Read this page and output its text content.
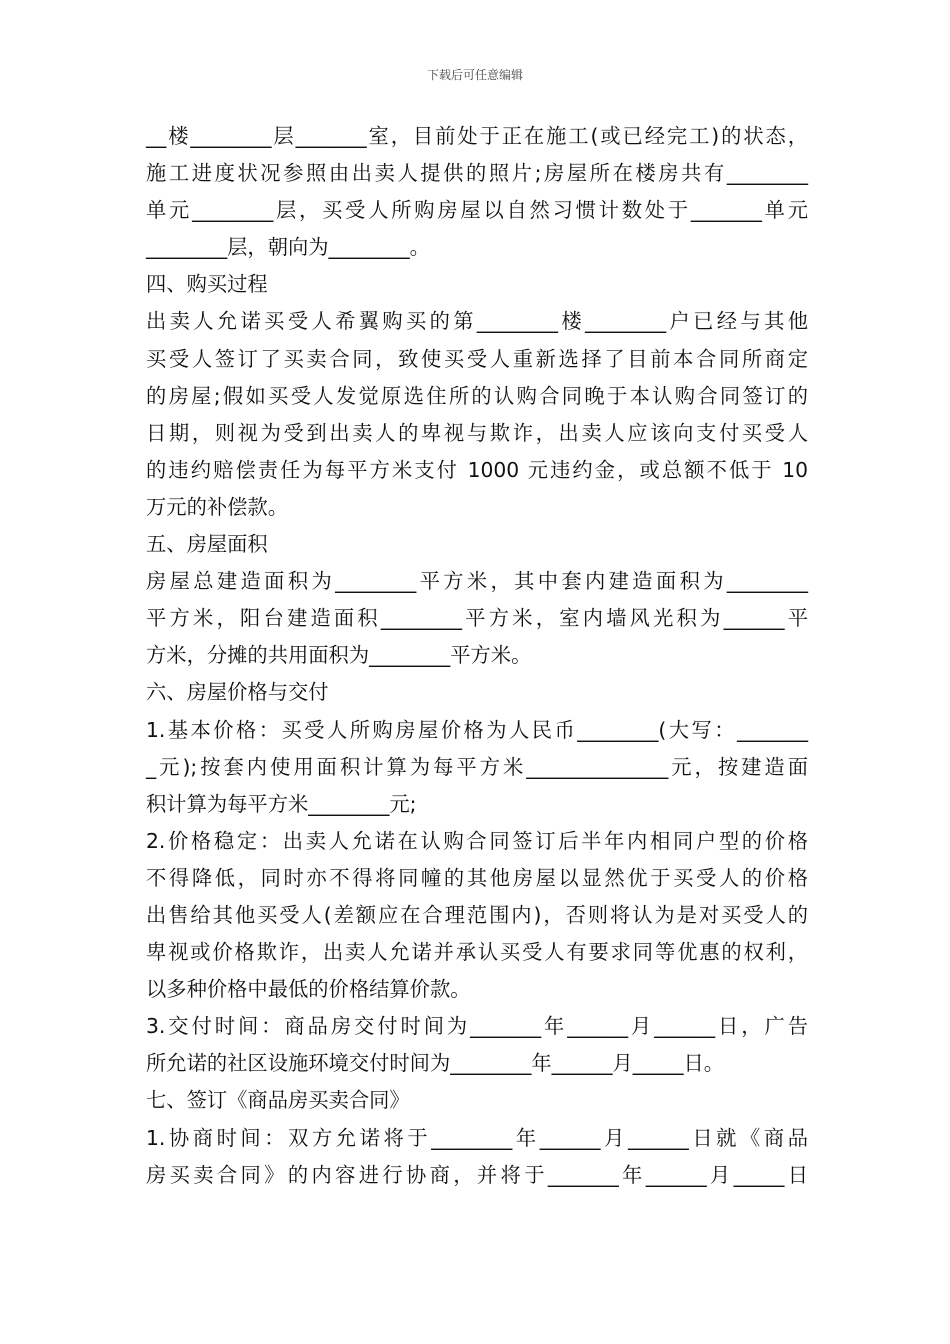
下载后可任意编辑
__楼________层_______室，目前处于正在施工(或已经完工)的状态，
施工进度状况参照由出卖人提供的照片;房屋所在楼房共有________
单元________层，买受人所购房屋以自然习惯计数处于_______单元
________层，朝向为________。
四、购买过程
出卖人允诺买受人希翼购买的第________楼________户已经与其他
买受人签订了买卖合同，致使买受人重新选择了目前本合同所商定
的房屋;假如买受人发觉原选住所的认购合同晚于本认购合同签订的
日期，则视为受到出卖人的卑视与欺诈，出卖人应该向支付买受人
的违约赔偿责任为每平方米支付 1000 元违约金，或总额不低于 10
万元的补偿款。
五、房屋面积
房屋总建造面积为________平方米，其中套内建造面积为________
平方米，阳台建造面积________平方米，室内墙风光积为______平
方米，分摊的共用面积为________平方米。
六、房屋价格与交付
1.基本价格：买受人所购房屋价格为人民币________(大写：_______
_元);按套内使用面积计算为每平方米______________元，按建造面
积计算为每平方米________元;
2.价格稳定：出卖人允诺在认购合同签订后半年内相同户型的价格
不得降低，同时亦不得将同幢的其他房屋以显然优于买受人的价格
出售给其他买受人(差额应在合理范围内)，否则将认为是对买受人的
卑视或价格欺诈，出卖人允诺并承认买受人有要求同等优惠的权利，
以多种价格中最低的价格结算价款。
3.交付时间：商品房交付时间为_______年______月______日，广告
所允诺的社区设施环境交付时间为________年______月_____日。
七、签订《商品房买卖合同》
1.协商时间：双方允诺将于________年______月______日就《商品
房买卖合同》的内容进行协商，并将于_______年______月_____日
